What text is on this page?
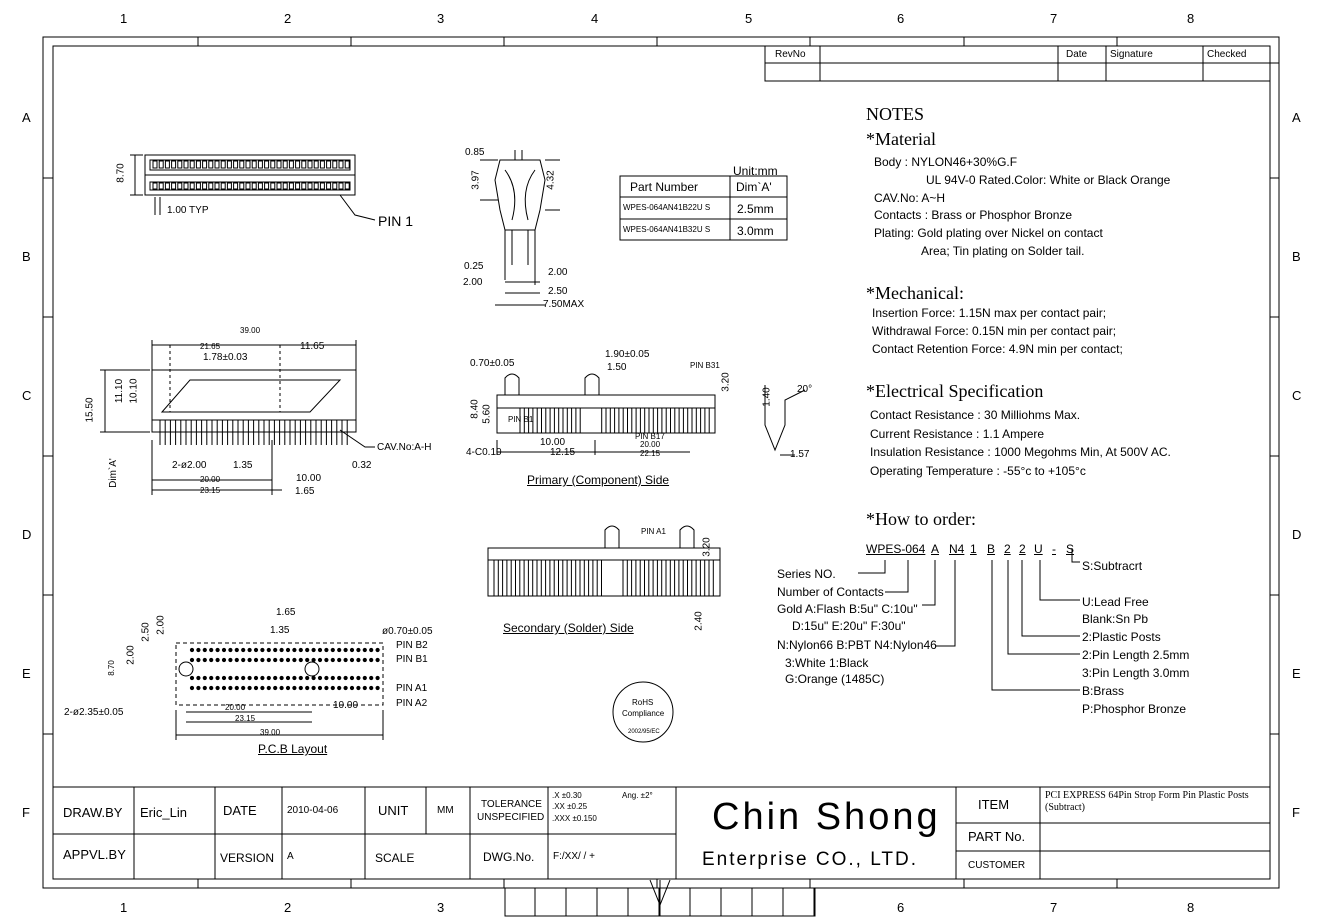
1	2	3	4	5	6	7	8
1	2	3	6	7	8
A
B
C
D
E
F
A
B
C
D
E
F
RevNo	Date Signature	Checked
NOTES
*Material
Body : NYLON46+30%G.F
UL 94V-0 Rated.Color: White or Black Orange
CAV.No: A~H
Contacts : Brass or Phosphor Bronze
Plating: Gold plating over Nickel on contact
Area; Tin plating on Solder tail.
*Mechanical:
Insertion Force: 1.15N max per contact pair;
Withdrawal Force: 0.15N min per contact pair;
Contact Retention Force: 4.9N min per contact;
*Electrical Specification
Contact Resistance : 30 Milliohms Max.
Current Resistance : 1.1 Ampere
Insulation Resistance : 1000 Megohms Min, At 500V AC.
Operating Temperature : -55°c to +105°c
*How to order:
WPES-064 A N4 1 B 2 2 U - S
Series NO.
Number of Contacts
Gold A:Flash B:5u" C:10u"
D:15u" E:20u" F:30u"
N:Nylon66 B:PBT N4:Nylon46
3:White 1:Black
G:Orange (1485C)
S:Subtracrt
U:Lead Free
Blank:Sn Pb
2:Plastic Posts
2:Pin Length 2.5mm
3:Pin Length 3.0mm
B:Brass
P:Phosphor Bronze
Unit:mm
Part Number	Dim`A'
WPES-064AN41B22U S 2.5mm
WPES-064AN41B32U S 3.0mm
8.70
1.00 TYP
PIN 1
0.85
3.97	4.32
0.25
2.00
2.00
2.50
7.50MAX
39.00
21.65	11.65
1.78±0.03
11.10 10.10
15.50
Dim`A'	2-ø2.00	1.35
20.00
23.15
10.00
1.65
0.32
CAV.No:A-H
0.70±0.05
1.90±0.05
1.50
8.40 5.60
3.20
4-C0.10
10.00
12.15
20.00
22.15
PIN B1
PIN B17
PIN B31
Primary (Component) Side
1.40 20°
1.57
PIN A1
3.20
2.40
Secondary (Solder) Side
1.65
1.35	ø0.70±0.05
2.50 2.00
2.00
8.70
2-ø2.35±0.05	20.00
23.15
10.00
39.00
PIN B2
PIN B1
PIN A1
PIN A2
P.C.B Layout
RoHS
Compliance
2002/95/EC
DRAW.BY Eric_Lin	DATE	2010-04-06	UNIT	MM
TOLERANCE
UNSPECIFIED
.X ±0.30
.XX ±0.25
.XXX ±0.150
Ang. ±2°
APPVL.BY	VERSION A	SCALE	DWG.No. F:/XX/ / +
Chin Shong
Enterprise CO., LTD.
ITEM
PCI EXPRESS 64Pin Strop Form Pin Plastic Posts (Subtract)
PART No.
CUSTOMER
